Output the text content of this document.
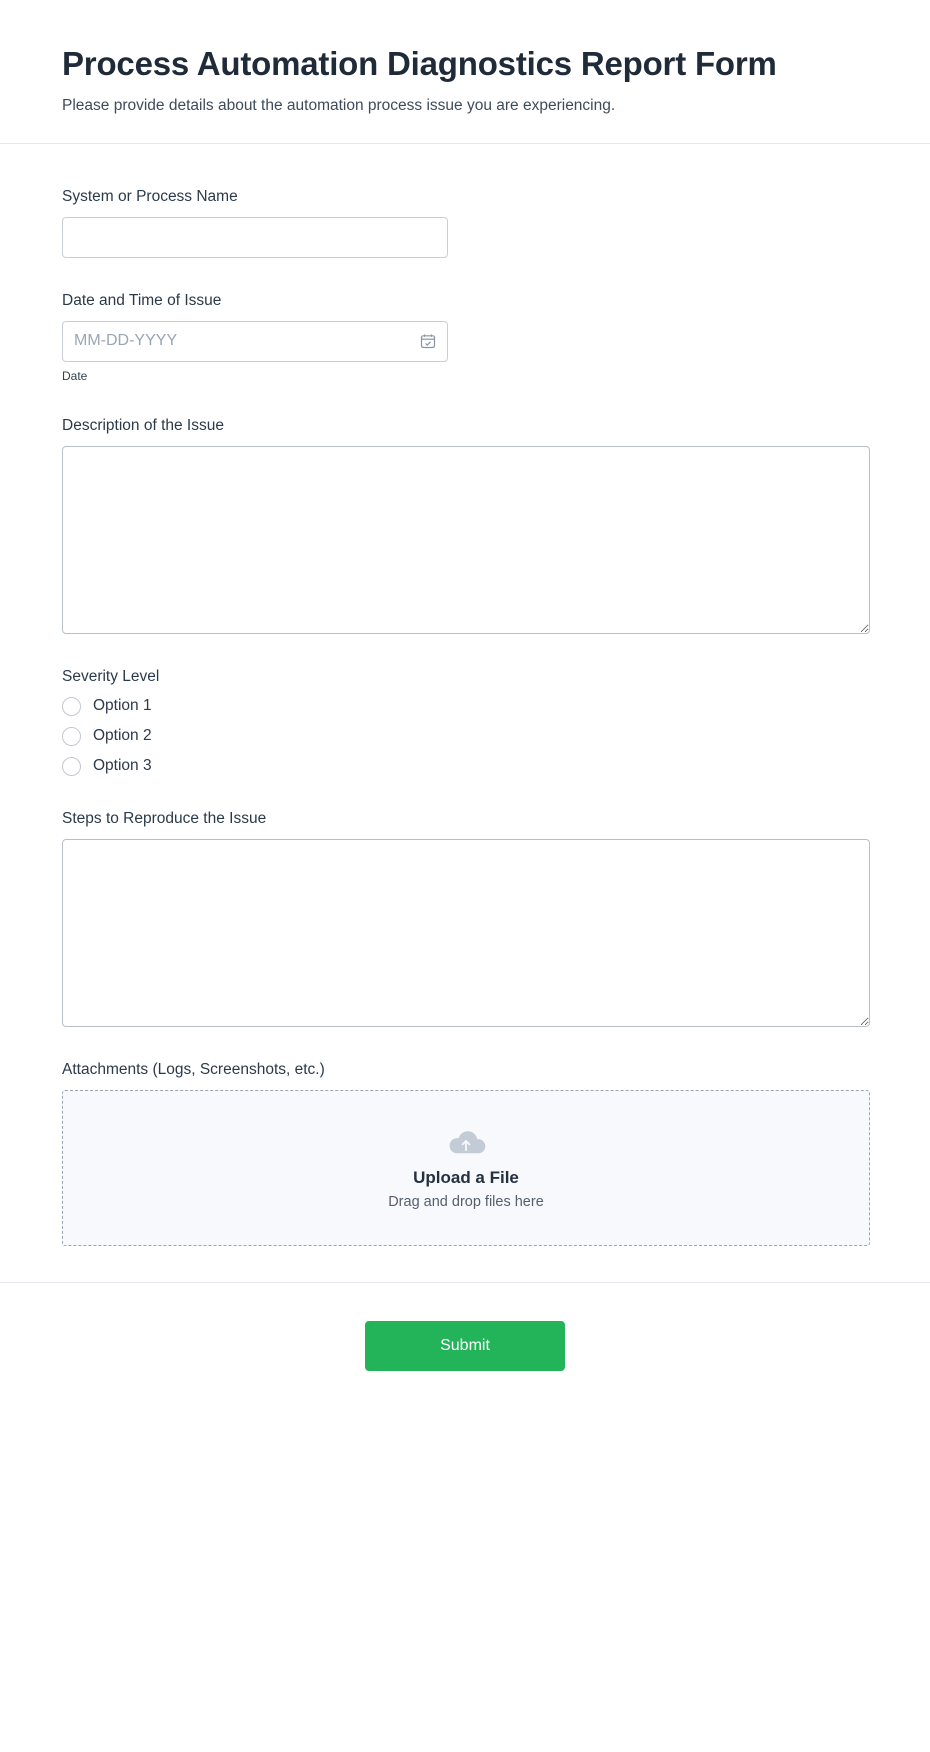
Process Automation Diagnostics Report Form

Please provide details about the automation process issue you are experiencing.

System or Process Name
Date and Time of Issue
MM-DD-YYYY
Date
Description of the Issue
Severity Level
Option 1
Option 2
Option 3
Steps to Reproduce the Issue
Attachments (Logs, Screenshots, etc.)
Upload a File
Drag and drop files here
Submit
